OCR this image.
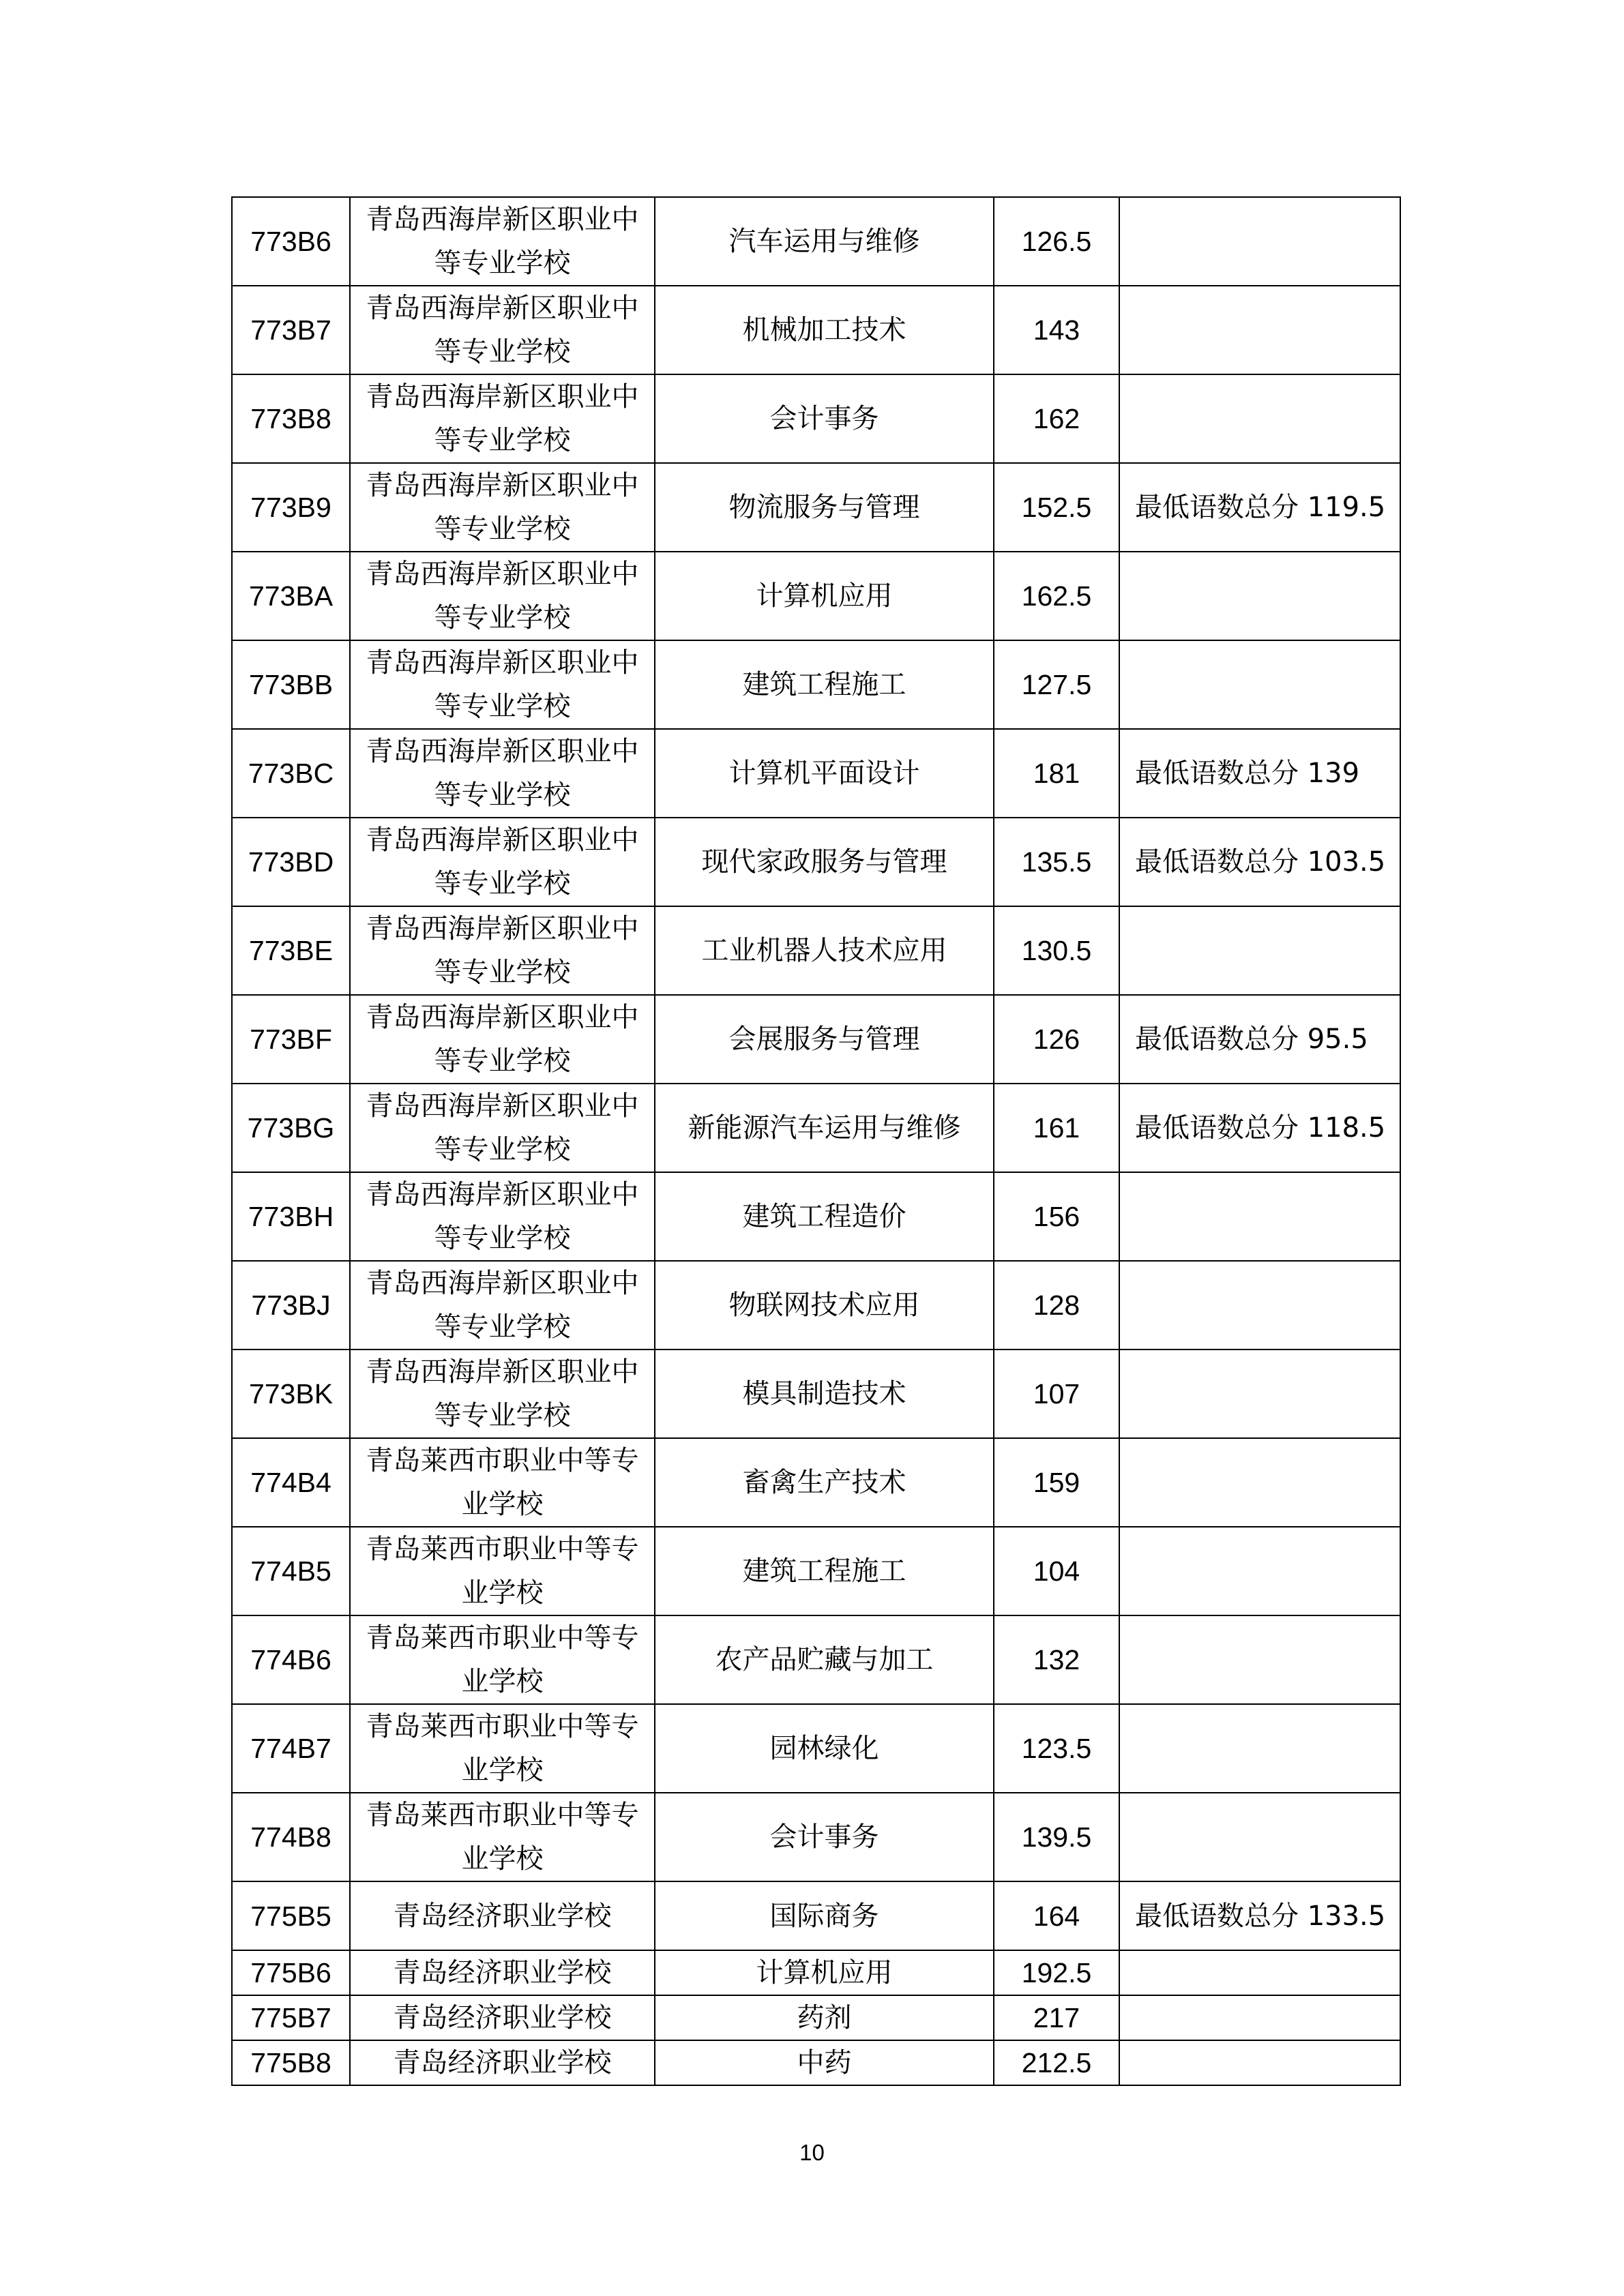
773B6	青岛西海岸新区职业中等专业学校	汽车运用与维修	126.5	
773B7	青岛西海岸新区职业中等专业学校	机械加工技术	143	
773B8	青岛西海岸新区职业中等专业学校	会计事务	162	
773B9	青岛西海岸新区职业中等专业学校	物流服务与管理	152.5	最低语数总分 119.5
773BA	青岛西海岸新区职业中等专业学校	计算机应用	162.5	
773BB	青岛西海岸新区职业中等专业学校	建筑工程施工	127.5	
773BC	青岛西海岸新区职业中等专业学校	计算机平面设计	181	最低语数总分 139
773BD	青岛西海岸新区职业中等专业学校	现代家政服务与管理	135.5	最低语数总分 103.5
773BE	青岛西海岸新区职业中等专业学校	工业机器人技术应用	130.5	
773BF	青岛西海岸新区职业中等专业学校	会展服务与管理	126	最低语数总分 95.5
773BG	青岛西海岸新区职业中等专业学校	新能源汽车运用与维修	161	最低语数总分 118.5
773BH	青岛西海岸新区职业中等专业学校	建筑工程造价	156	
773BJ	青岛西海岸新区职业中等专业学校	物联网技术应用	128	
773BK	青岛西海岸新区职业中等专业学校	模具制造技术	107	
774B4	青岛莱西市职业中等专业学校	畜禽生产技术	159	
774B5	青岛莱西市职业中等专业学校	建筑工程施工	104	
774B6	青岛莱西市职业中等专业学校	农产品贮藏与加工	132	
774B7	青岛莱西市职业中等专业学校	园林绿化	123.5	
774B8	青岛莱西市职业中等专业学校	会计事务	139.5	
775B5	青岛经济职业学校	国际商务	164	最低语数总分 133.5
775B6	青岛经济职业学校	计算机应用	192.5	
775B7	青岛经济职业学校	药剂	217	
775B8	青岛经济职业学校	中药	212.5	
10
